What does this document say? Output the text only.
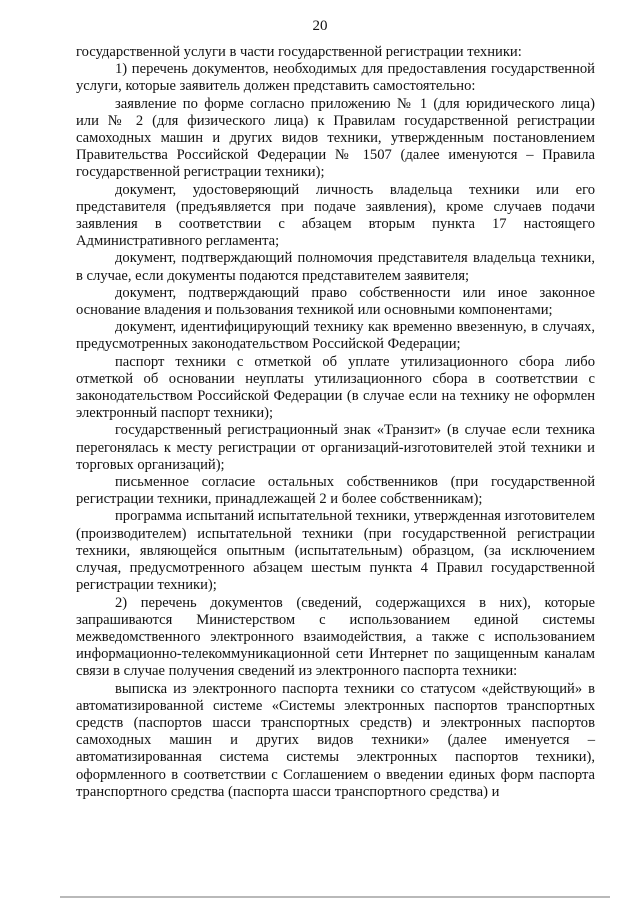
20

государственной услуги в части государственной регистрации техники:

1) перечень документов, необходимых для предоставления государственной услуги, которые заявитель должен представить самостоятельно:

заявление по форме согласно приложению № 1 (для юридического лица) или № 2 (для физического лица) к Правилам государственной регистрации самоходных машин и других видов техники, утвержденным постановлением Правительства Российской Федерации № 1507 (далее именуются – Правила государственной регистрации техники);

документ, удостоверяющий личность владельца техники или его представителя (предъявляется при подаче заявления), кроме случаев подачи заявления в соответствии с абзацем вторым пункта 17 настоящего Административного регламента;

документ, подтверждающий полномочия представителя владельца техники, в случае, если документы подаются представителем заявителя;

документ, подтверждающий право собственности или иное законное основание владения и пользования техникой или основными компонентами;

документ, идентифицирующий технику как временно ввезенную, в случаях, предусмотренных законодательством Российской Федерации;

паспорт техники с отметкой об уплате утилизационного сбора либо отметкой об основании неуплаты утилизационного сбора в соответствии с законодательством Российской Федерации (в случае если на технику не оформлен электронный паспорт техники);

государственный регистрационный знак «Транзит» (в случае если техника перегонялась к месту регистрации от организаций-изготовителей этой техники и торговых организаций);

письменное согласие остальных собственников (при государственной регистрации техники, принадлежащей 2 и более собственникам);

программа испытаний испытательной техники, утвержденная изготовителем (производителем) испытательной техники (при государственной регистрации техники, являющейся опытным (испытательным) образцом, (за исключением случая, предусмотренного абзацем шестым пункта 4 Правил государственной регистрации техники);

2) перечень документов (сведений, содержащихся в них), которые запрашиваются Министерством с использованием единой системы межведомственного электронного взаимодействия, а также с использованием информационно-телекоммуникационной сети Интернет по защищенным каналам связи в случае получения сведений из электронного паспорта техники:

выписка из электронного паспорта техники со статусом «действующий» в автоматизированной системе «Системы электронных паспортов транспортных средств (паспортов шасси транспортных средств) и электронных паспортов самоходных машин и других видов техники» (далее именуется – автоматизированная система системы электронных паспортов техники), оформленного в соответствии с Соглашением о введении единых форм паспорта транспортного средства (паспорта шасси транспортного средства) и
